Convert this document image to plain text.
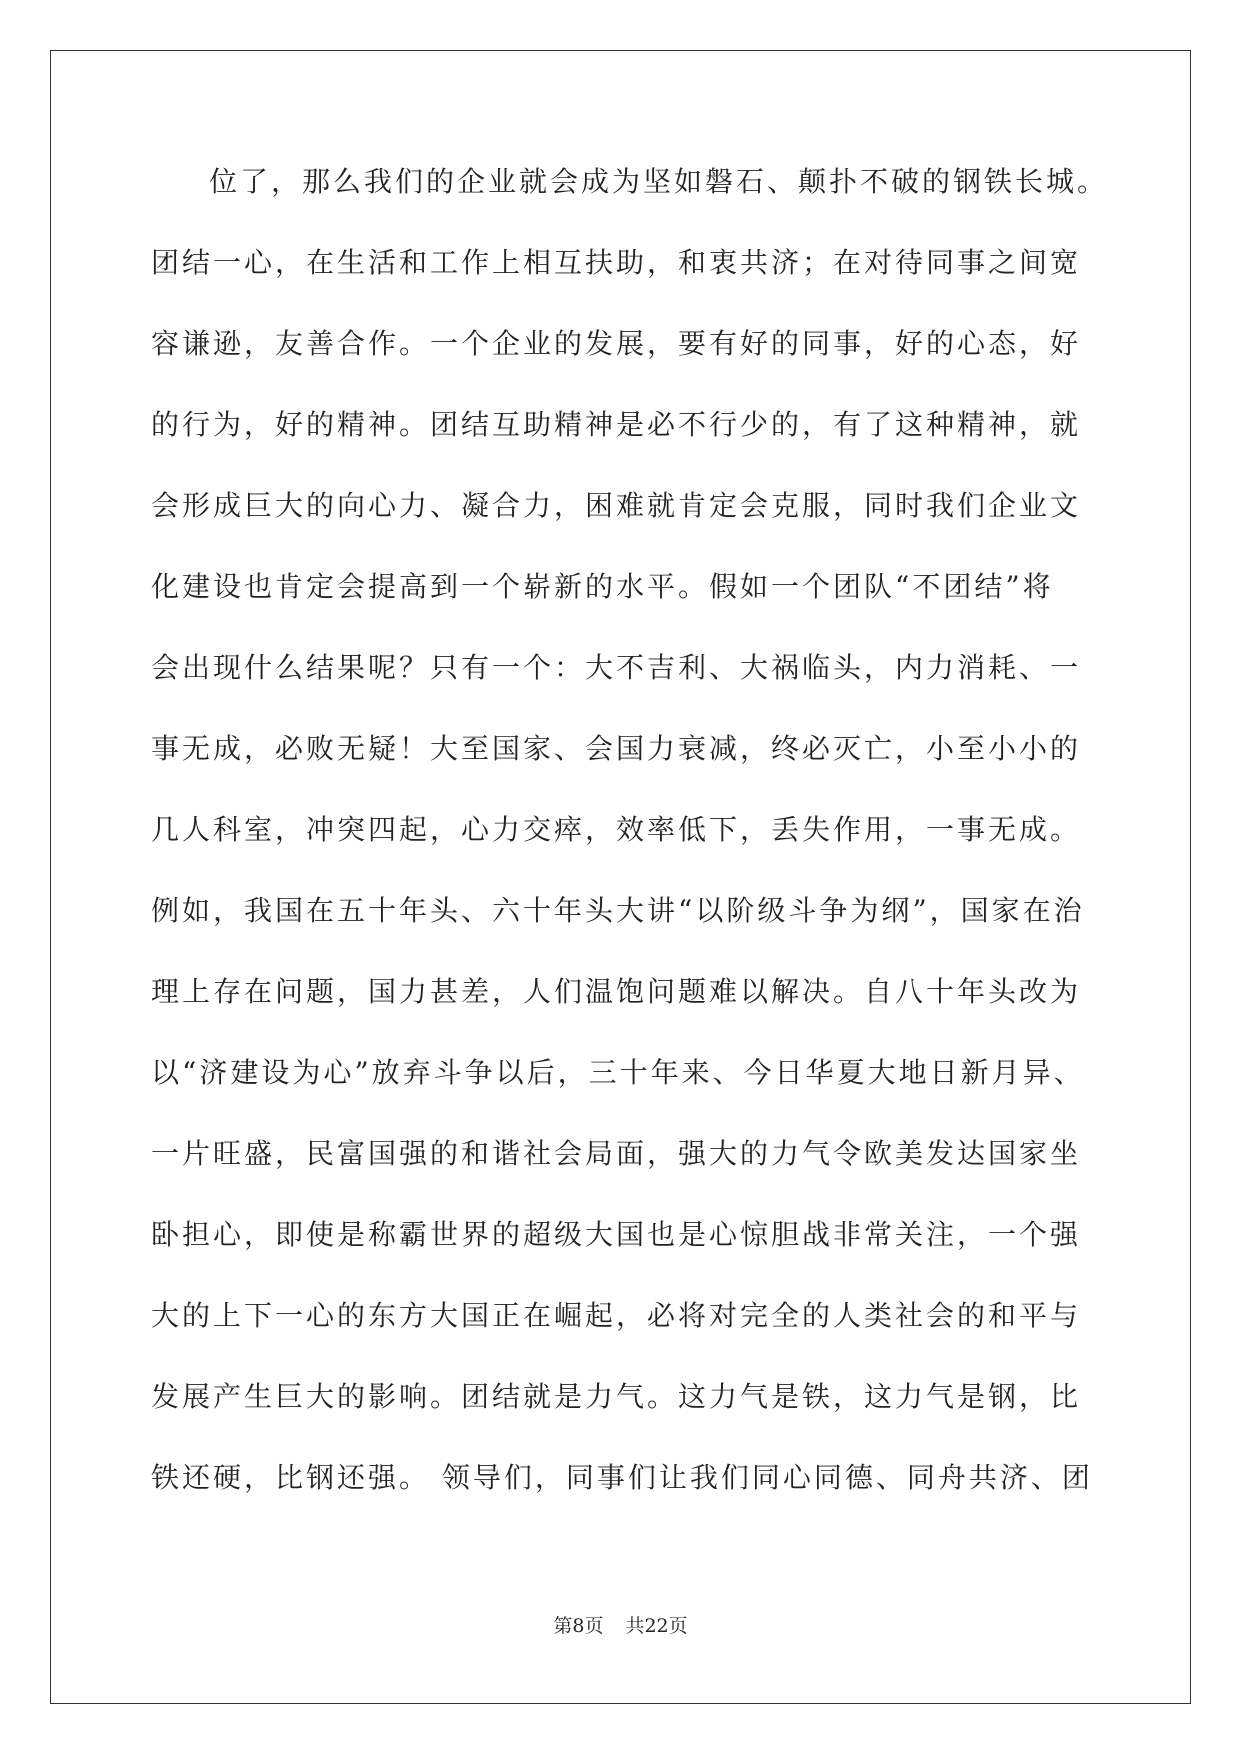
位了，那么我们的企业就会成为坚如磐石、颠扑不破的钢铁长城。
团结一心，在生活和工作上相互扶助，和衷共济；在对待同事之间宽
容谦逊，友善合作。一个企业的发展，要有好的同事，好的心态，好
的行为，好的精神。团结互助精神是必不行少的，有了这种精神，就
会形成巨大的向心力、凝合力，困难就肯定会克服，同时我们企业文
化建设也肯定会提高到一个崭新的水平。假如一个团队“不团结”将
会出现什么结果呢？只有一个：大不吉利、大祸临头，内力消耗、一
事无成，必败无疑！大至国家、会国力衰减，终必灭亡，小至小小的
几人科室，冲突四起，心力交瘁，效率低下，丢失作用，一事无成。
例如，我国在五十年头、六十年头大讲“以阶级斗争为纲”，国家在治
理上存在问题，国力甚差，人们温饱问题难以解决。自八十年头改为
以“济建设为心”放弃斗争以后，三十年来、今日华夏大地日新月异、
一片旺盛，民富国强的和谐社会局面，强大的力气令欧美发达国家坐
卧担心，即使是称霸世界的超级大国也是心惊胆战非常关注，一个强
大的上下一心的东方大国正在崛起，必将对完全的人类社会的和平与
发展产生巨大的影响。团结就是力气。这力气是铁，这力气是钢，比
铁还硬，比钢还强。 领导们，同事们让我们同心同德、同舟共济、团
第8页 共22页
